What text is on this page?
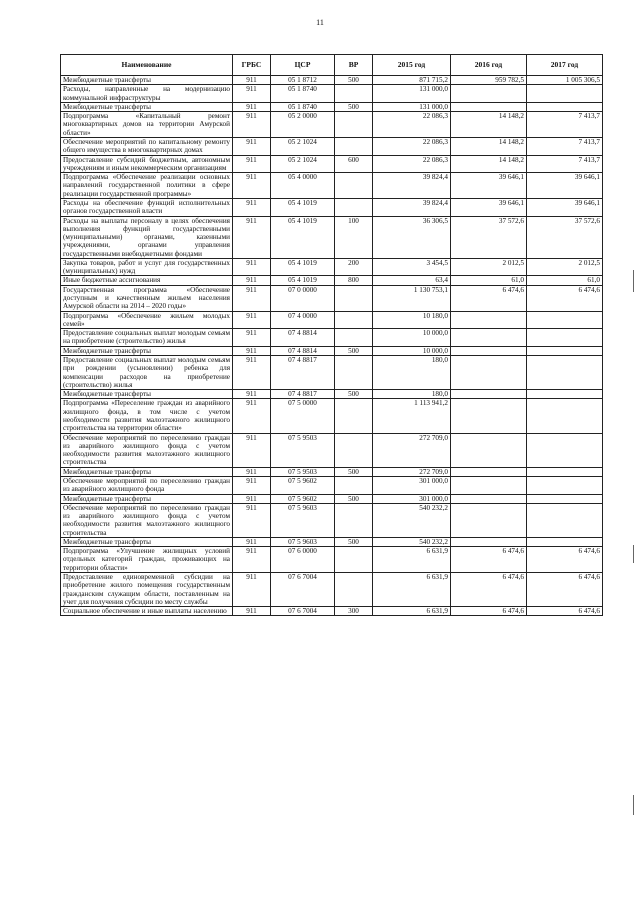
11
Наименование	ГРБС	ЦСР	ВР	2015 год	2016 год	2017 год
Межбюджетные трансферты	911	05 1 8712	500	871 715,2	959 782,5	1 005 306,5
Расходы, направленные на модернизацию коммунальной инфраструктуры	911	05 1 8740		131 000,0		
Межбюджетные трансферты	911	05 1 8740	500	131 000,0		
Подпрограмма «Капитальный ремонт многоквартирных домов на территории Амурской области»	911	05 2 0000		22 086,3	14 148,2	7 413,7
Обеспечение мероприятий по капитальному ремонту общего имущества в многоквартирных домах	911	05 2 1024		22 086,3	14 148,2	7 413,7
Предоставление субсидий бюджетным, автономным учреждениям и иным некоммерческим организациям	911	05 2 1024	600	22 086,3	14 148,2	7 413,7
Подпрограмма «Обеспечение реализации основных направлений государственной политики в сфере реализации государственной программы»	911	05 4 0000		39 824,4	39 646,1	39 646,1
Расходы на обеспечение функций исполнительных органов государственной власти	911	05 4 1019		39 824,4	39 646,1	39 646,1
Расходы на выплаты персоналу в целях обеспечения выполнения функций государственными (муниципальными) органами, казенными учреждениями, органами управления государственными внебюджетными фондами	911	05 4 1019	100	36 306,5	37 572,6	37 572,6
Закупка товаров, работ и услуг для государственных (муниципальных) нужд	911	05 4 1019	200	3 454,5	2 012,5	2 012,5
Иные бюджетные ассигнования	911	05 4 1019	800	63,4	61,0	61,0
Государственная программа «Обеспечение доступным и качественным жильем населения Амурской области на 2014 – 2020 годы»	911	07 0 0000		1 130 753,1	6 474,6	6 474,6
Подпрограмма «Обеспечение жильем молодых семей»	911	07 4 0000		10 180,0		
Предоставление социальных выплат молодым семьям на приобретение (строительство) жилья	911	07 4 8814		10 000,0		
Межбюджетные трансферты	911	07 4 8814	500	10 000,0		
Предоставление социальных выплат молодым семьям при рождении (усыновлении) ребенка для компенсации расходов на приобретение (строительство) жилья	911	07 4 8817		180,0		
Межбюджетные трансферты	911	07 4 8817	500	180,0		
Подпрограмма «Переселение граждан из аварийного жилищного фонда, в том числе с учетом необходимости развития малоэтажного жилищного строительства на территории области»	911	07 5 0000		1 113 941,2		
Обеспечение мероприятий по переселению граждан из аварийного жилищного фонда с учетом необходимости развития малоэтажного жилищного строительства	911	07 5 9503		272 709,0		
Межбюджетные трансферты	911	07 5 9503	500	272 709,0		
Обеспечение мероприятий по переселению граждан из аварийного жилищного фонда	911	07 5 9602		301 000,0		
Межбюджетные трансферты	911	07 5 9602	500	301 000,0		
Обеспечение мероприятий по переселению граждан из аварийного жилищного фонда с учетом необходимости развития малоэтажного жилищного строительства	911	07 5 9603		540 232,2		
Межбюджетные трансферты	911	07 5 9603	500	540 232,2		
Подпрограмма «Улучшение жилищных условий отдельных категорий граждан, проживающих на территории области»	911	07 6 0000		6 631,9	6 474,6	6 474,6
Предоставление единовременной субсидии на приобретение жилого помещения государственным гражданским служащим области, поставленным на учет для получения субсидии по месту службы	911	07 6 7004		6 631,9	6 474,6	6 474,6
Социальное обеспечение и иные выплаты населению	911	07 6 7004	300	6 631,9	6 474,6	6 474,6
